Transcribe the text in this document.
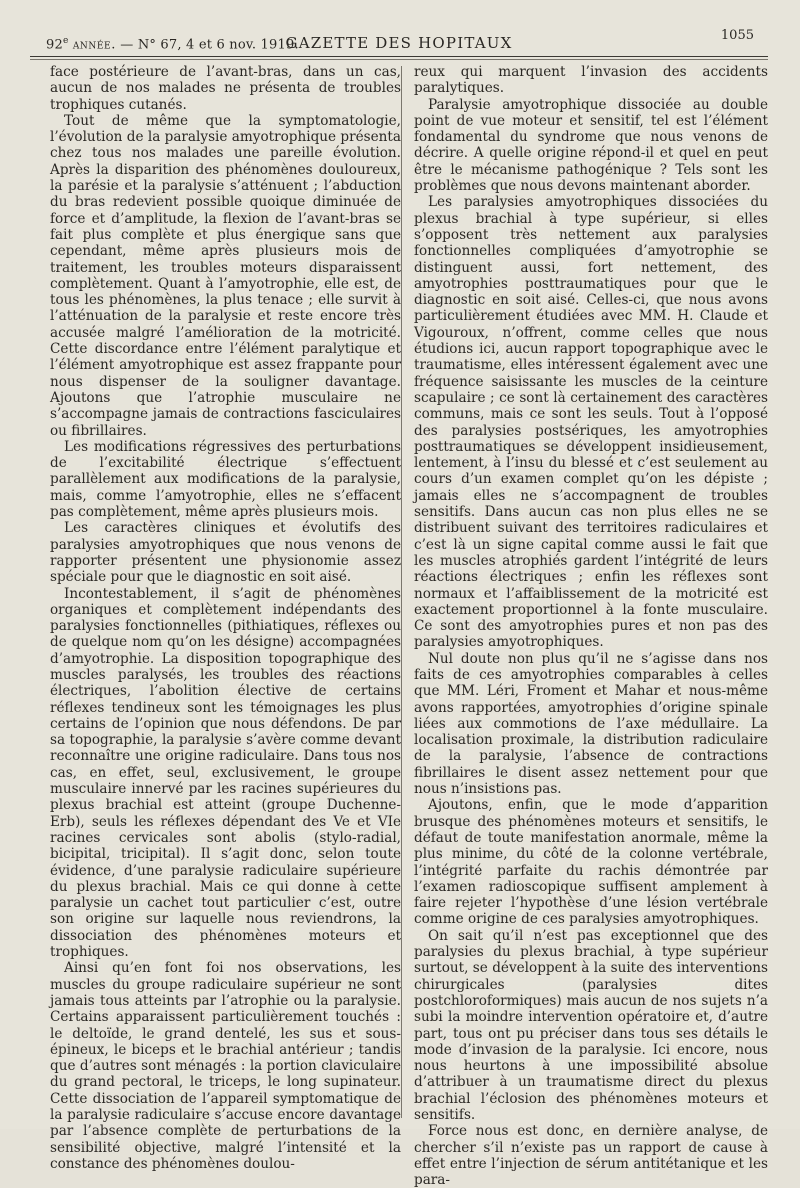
92e année. — N° 67, 4 et 6 nov. 1919.
GAZETTE DES HOPITAUX	1055

face postérieure de l’avant-bras, dans un cas, aucun de nos malades ne présenta de troubles trophiques cutanés.

Tout de même que la symptomatologie, l’évolution de la paralysie amyotrophique présenta chez tous nos malades une pareille évolution. Après la disparition des phénomènes douloureux, la parésie et la paralysie s’atténuent ; l’abduction du bras redevient possible quoique diminuée de force et d’amplitude, la flexion de l’avant-bras se fait plus complète et plus énergique sans que cependant, même après plusieurs mois de traitement, les troubles moteurs disparaissent complètement. Quant à l’amyotrophie, elle est, de tous les phénomènes, la plus tenace ; elle survit à l’atténuation de la paralysie et reste encore très accusée malgré l’amélioration de la motricité. Cette discordance entre l’élément paralytique et l’élément amyotrophique est assez frappante pour nous dispenser de la souligner davantage. Ajoutons que l’atrophie musculaire ne s’accompagne jamais de contractions fasciculaires ou fibrillaires.

Les modifications régressives des perturbations de l’excitabilité électrique s’effectuent parallèlement aux modifications de la paralysie, mais, comme l’amyotrophie, elles ne s’effacent pas complètement, même après plusieurs mois.

Les caractères cliniques et évolutifs des paralysies amyotrophiques que nous venons de rapporter présentent une physionomie assez spéciale pour que le diagnostic en soit aisé.

Incontestablement, il s’agit de phénomènes organiques et complètement indépendants des paralysies fonctionnelles (pithiatiques, réflexes ou de quelque nom qu’on les désigne) accompagnées d’amyotrophie. La disposition topographique des muscles paralysés, les troubles des réactions électriques, l’abolition élective de certains réflexes tendineux sont les témoignages les plus certains de l’opinion que nous défendons. De par sa topographie, la paralysie s’avère comme devant reconnaître une origine radiculaire. Dans tous nos cas, en effet, seul, exclusivement, le groupe musculaire innervé par les racines supérieures du plexus brachial est atteint (groupe Duchenne-Erb), seuls les réflexes dépendant des Ve et VIe racines cervicales sont abolis (stylo-radial, bicipital, tricipital). Il s’agit donc, selon toute évidence, d’une paralysie radiculaire supérieure du plexus brachial. Mais ce qui donne à cette paralysie un cachet tout particulier c’est, outre son origine sur laquelle nous reviendrons, la dissociation des phénomènes moteurs et trophiques.

Ainsi qu’en font foi nos observations, les muscles du groupe radiculaire supérieur ne sont jamais tous atteints par l’atrophie ou la paralysie. Certains apparaissent particulièrement touchés : le deltoïde, le grand dentelé, les sus et sous-épineux, le biceps et le brachial antérieur ; tandis que d’autres sont ménagés : la portion claviculaire du grand pectoral, le triceps, le long supinateur. Cette dissociation de l’appareil symptomatique de la paralysie radiculaire s’accuse encore davantage par l’absence complète de perturbations de la sensibilité objective, malgré l’intensité et la constance des phénomènes doulou-

reux qui marquent l’invasion des accidents paralytiques.

Paralysie amyotrophique dissociée au double point de vue moteur et sensitif, tel est l’élément fondamental du syndrome que nous venons de décrire. A quelle origine répond-il et quel en peut être le mécanisme pathogénique ? Tels sont les problèmes que nous devons maintenant aborder.

Les paralysies amyotrophiques dissociées du plexus brachial à type supérieur, si elles s’opposent très nettement aux paralysies fonctionnelles compliquées d’amyotrophie se distinguent aussi, fort nettement, des amyotrophies posttraumatiques pour que le diagnostic en soit aisé. Celles-ci, que nous avons particulièrement étudiées avec MM. H. Claude et Vigouroux, n’offrent, comme celles que nous étudions ici, aucun rapport topographique avec le traumatisme, elles intéressent également avec une fréquence saisissante les muscles de la ceinture scapulaire ; ce sont là certainement des caractères communs, mais ce sont les seuls. Tout à l’opposé des paralysies postsériques, les amyotrophies posttraumatiques se développent insidieusement, lentement, à l’insu du blessé et c’est seulement au cours d’un examen complet qu’on les dépiste ; jamais elles ne s’accompagnent de troubles sensitifs. Dans aucun cas non plus elles ne se distribuent suivant des territoires radiculaires et c’est là un signe capital comme aussi le fait que les muscles atrophiés gardent l’intégrité de leurs réactions électriques ; enfin les réflexes sont normaux et l’affaiblissement de la motricité est exactement proportionnel à la fonte musculaire. Ce sont des amyotrophies pures et non pas des paralysies amyotrophiques.

Nul doute non plus qu’il ne s’agisse dans nos faits de ces amyotrophies comparables à celles que MM. Léri, Froment et Mahar et nous-même avons rapportées, amyotrophies d’origine spinale liées aux commotions de l’axe médullaire. La localisation proximale, la distribution radiculaire de la paralysie, l’absence de contractions fibrillaires le disent assez nettement pour que nous n’insistions pas.

Ajoutons, enfin, que le mode d’apparition brusque des phénomènes moteurs et sensitifs, le défaut de toute manifestation anormale, même la plus minime, du côté de la colonne vertébrale, l’intégrité parfaite du rachis démontrée par l’examen radioscopique suffisent amplement à faire rejeter l’hypothèse d’une lésion vertébrale comme origine de ces paralysies amyotrophiques.

On sait qu’il n’est pas exceptionnel que des paralysies du plexus brachial, à type supérieur surtout, se développent à la suite des interventions chirurgicales (paralysies dites postchloroformiques) mais aucun de nos sujets n’a subi la moindre intervention opératoire et, d’autre part, tous ont pu préciser dans tous ses détails le mode d’invasion de la paralysie. Ici encore, nous nous heurtons à une impossibilité absolue d’attribuer à un traumatisme direct du plexus brachial l’éclosion des phénomènes moteurs et sensitifs.

Force nous est donc, en dernière analyse, de chercher s’il n’existe pas un rapport de cause à effet entre l’injection de sérum antitétanique et les para-
